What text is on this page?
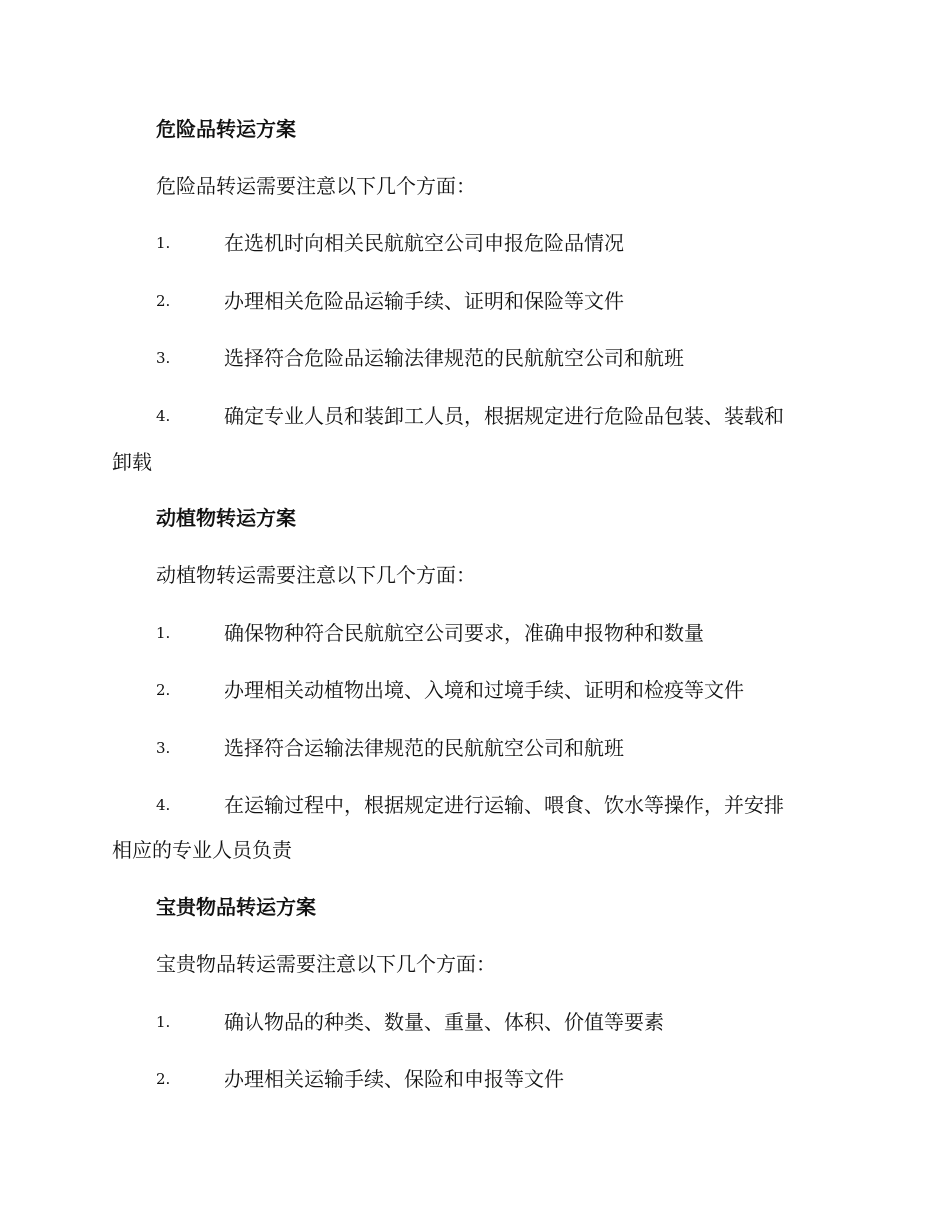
危险品转运方案
危险品转运需要注意以下几个方面：
1.	在选机时向相关民航航空公司申报危险品情况
2.	办理相关危险品运输手续、证明和保险等文件
3.	选择符合危险品运输法律规范的民航航空公司和航班
4.	确定专业人员和装卸工人员，根据规定进行危险品包装、装载和
卸载
动植物转运方案
动植物转运需要注意以下几个方面：
1.	确保物种符合民航航空公司要求，准确申报物种和数量
2.	办理相关动植物出境、入境和过境手续、证明和检疫等文件
3.	选择符合运输法律规范的民航航空公司和航班
4.	在运输过程中，根据规定进行运输、喂食、饮水等操作，并安排
相应的专业人员负责
宝贵物品转运方案
宝贵物品转运需要注意以下几个方面：
1.	确认物品的种类、数量、重量、体积、价值等要素
2.	办理相关运输手续、保险和申报等文件
